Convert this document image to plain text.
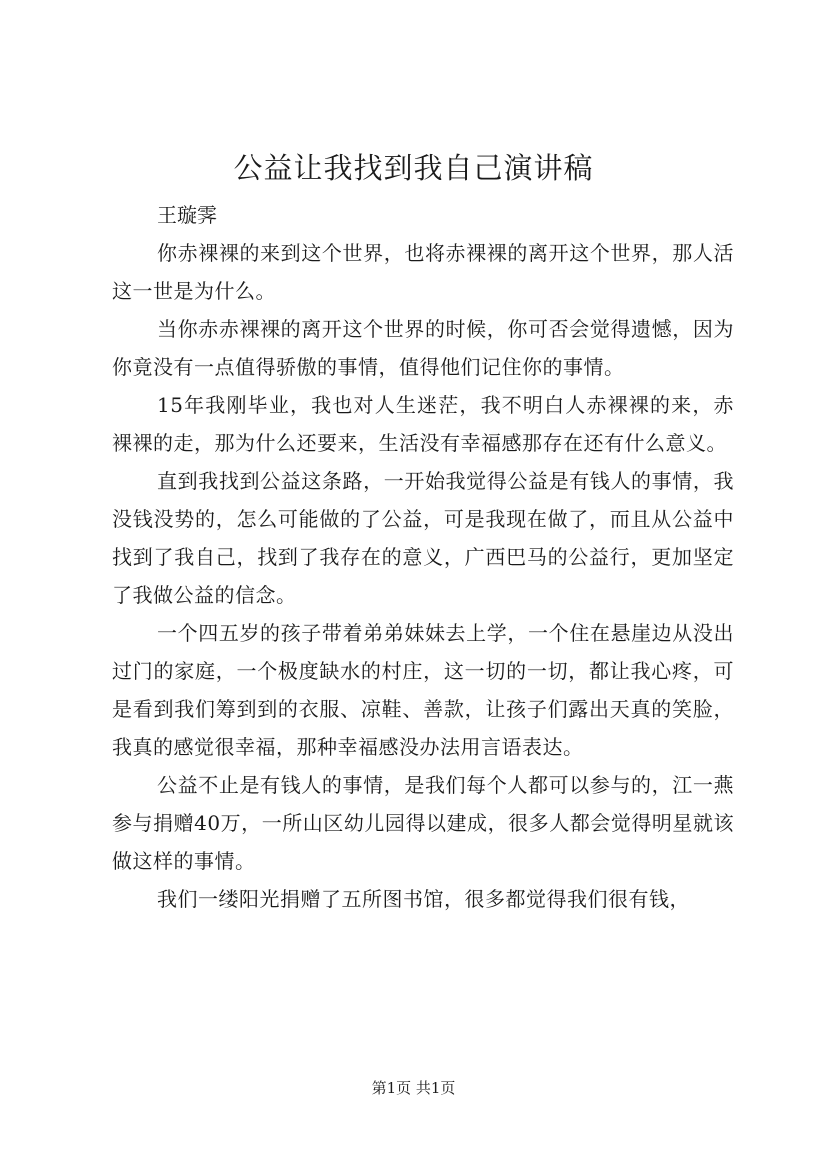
公益让我找到我自己演讲稿

王璇霁

你赤裸裸的来到这个世界，也将赤裸裸的离开这个世界，那人活这一世是为什么。

当你赤赤裸裸的离开这个世界的时候，你可否会觉得遗憾，因为你竟没有一点值得骄傲的事情，值得他们记住你的事情。

15年我刚毕业，我也对人生迷茫，我不明白人赤裸裸的来，赤裸裸的走，那为什么还要来，生活没有幸福感那存在还有什么意义。

直到我找到公益这条路，一开始我觉得公益是有钱人的事情，我没钱没势的，怎么可能做的了公益，可是我现在做了，而且从公益中找到了我自己，找到了我存在的意义，广西巴马的公益行，更加坚定了我做公益的信念。

一个四五岁的孩子带着弟弟妹妹去上学，一个住在悬崖边从没出过门的家庭，一个极度缺水的村庄，这一切的一切，都让我心疼，可是看到我们筹到到的衣服、凉鞋、善款，让孩子们露出天真的笑脸，我真的感觉很幸福，那种幸福感没办法用言语表达。

公益不止是有钱人的事情，是我们每个人都可以参与的，江一燕参与捐赠40万，一所山区幼儿园得以建成，很多人都会觉得明星就该做这样的事情。

我们一缕阳光捐赠了五所图书馆，很多都觉得我们很有钱，

第1页 共1页
